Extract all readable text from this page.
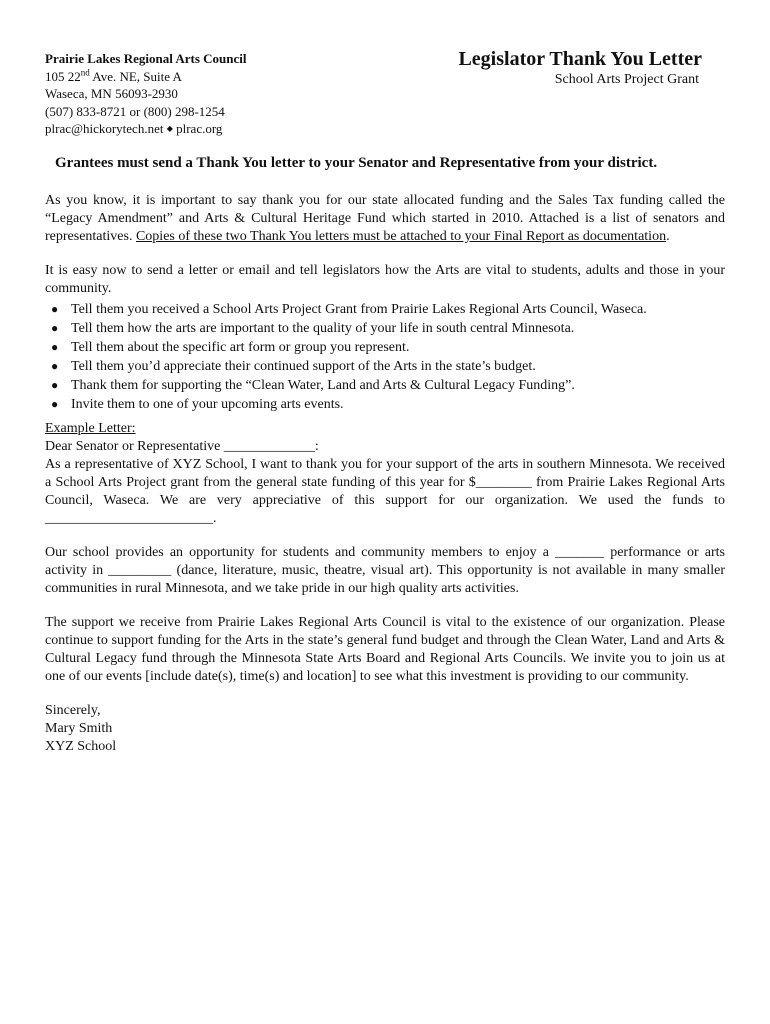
Prairie Lakes Regional Arts Council
105 22nd Ave. NE, Suite A
Waseca, MN 56093-2930
(507) 833-8721 or (800) 298-1254
plrac@hickorytech.net ◆ plrac.org
Legislator Thank You Letter
School Arts Project Grant
Grantees must send a Thank You letter to your Senator and Representative from your district.

As you know, it is important to say thank you for our state allocated funding and the Sales Tax funding called the “Legacy Amendment” and Arts & Cultural Heritage Fund which started in 2010. Attached is a list of senators and representatives. Copies of these two Thank You letters must be attached to your Final Report as documentation.

It is easy now to send a letter or email and tell legislators how the Arts are vital to students, adults and those in your community.

● Tell them you received a School Arts Project Grant from Prairie Lakes Regional Arts Council, Waseca.
● Tell them how the arts are important to the quality of your life in south central Minnesota.
● Tell them about the specific art form or group you represent.
● Tell them you’d appreciate their continued support of the Arts in the state’s budget.
● Thank them for supporting the “Clean Water, Land and Arts & Cultural Legacy Funding”.
● Invite them to one of your upcoming arts events.

Example Letter:

Dear Senator or Representative _____________:

As a representative of XYZ School, I want to thank you for your support of the arts in southern Minnesota. We received a School Arts Project grant from the general state funding of this year for $________ from Prairie Lakes Regional Arts Council, Waseca. We are very appreciative of this support for our organization. We used the funds to ________________________.

Our school provides an opportunity for students and community members to enjoy a _______ performance or arts activity in _________ (dance, literature, music, theatre, visual art). This opportunity is not available in many smaller communities in rural Minnesota, and we take pride in our high quality arts activities.

The support we receive from Prairie Lakes Regional Arts Council is vital to the existence of our organization. Please continue to support funding for the Arts in the state’s general fund budget and through the Clean Water, Land and Arts & Cultural Legacy fund through the Minnesota State Arts Board and Regional Arts Councils. We invite you to join us at one of our events [include date(s), time(s) and location] to see what this investment is providing to our community.

Sincerely,

Mary Smith

XYZ School
